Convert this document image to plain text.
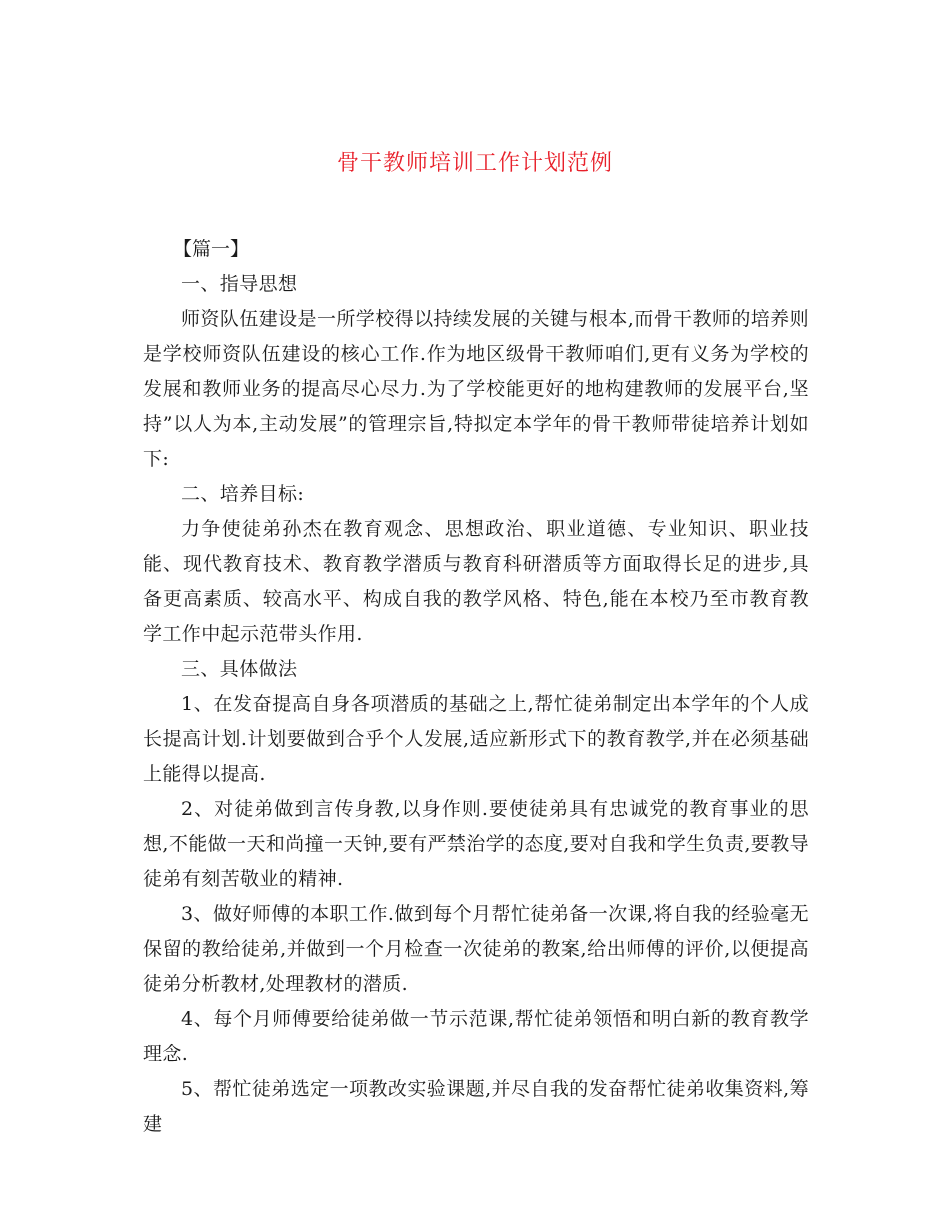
骨干教师培训工作计划范例

【篇一】

一、指导思想

师资队伍建设是一所学校得以持续发展的关键与根本,而骨干教师的培养则是学校师资队伍建设的核心工作.作为地区级骨干教师咱们,更有义务为学校的发展和教师业务的提高尽心尽力.为了学校能更好的地构建教师的发展平台,坚持”以人为本,主动发展”的管理宗旨,特拟定本学年的骨干教师带徒培养计划如下:

二、培养目标:

力争使徒弟孙杰在教育观念、思想政治、职业道德、专业知识、职业技能、现代教育技术、教育教学潜质与教育科研潜质等方面取得长足的进步,具备更高素质、较高水平、构成自我的教学风格、特色,能在本校乃至市教育教学工作中起示范带头作用.

三、具体做法

1、在发奋提高自身各项潜质的基础之上,帮忙徒弟制定出本学年的个人成长提高计划.计划要做到合乎个人发展,适应新形式下的教育教学,并在必须基础上能得以提高.

2、对徒弟做到言传身教,以身作则.要使徒弟具有忠诚党的教育事业的思想,不能做一天和尚撞一天钟,要有严禁治学的态度,要对自我和学生负责,要教导徒弟有刻苦敬业的精神.

3、做好师傅的本职工作.做到每个月帮忙徒弟备一次课,将自我的经验毫无保留的教给徒弟,并做到一个月检查一次徒弟的教案,给出师傅的评价,以便提高徒弟分析教材,处理教材的潜质.

4、每个月师傅要给徒弟做一节示范课,帮忙徒弟领悟和明白新的教育教学理念.

5、帮忙徒弟选定一项教改实验课题,并尽自我的发奋帮忙徒弟收集资料,筹建
